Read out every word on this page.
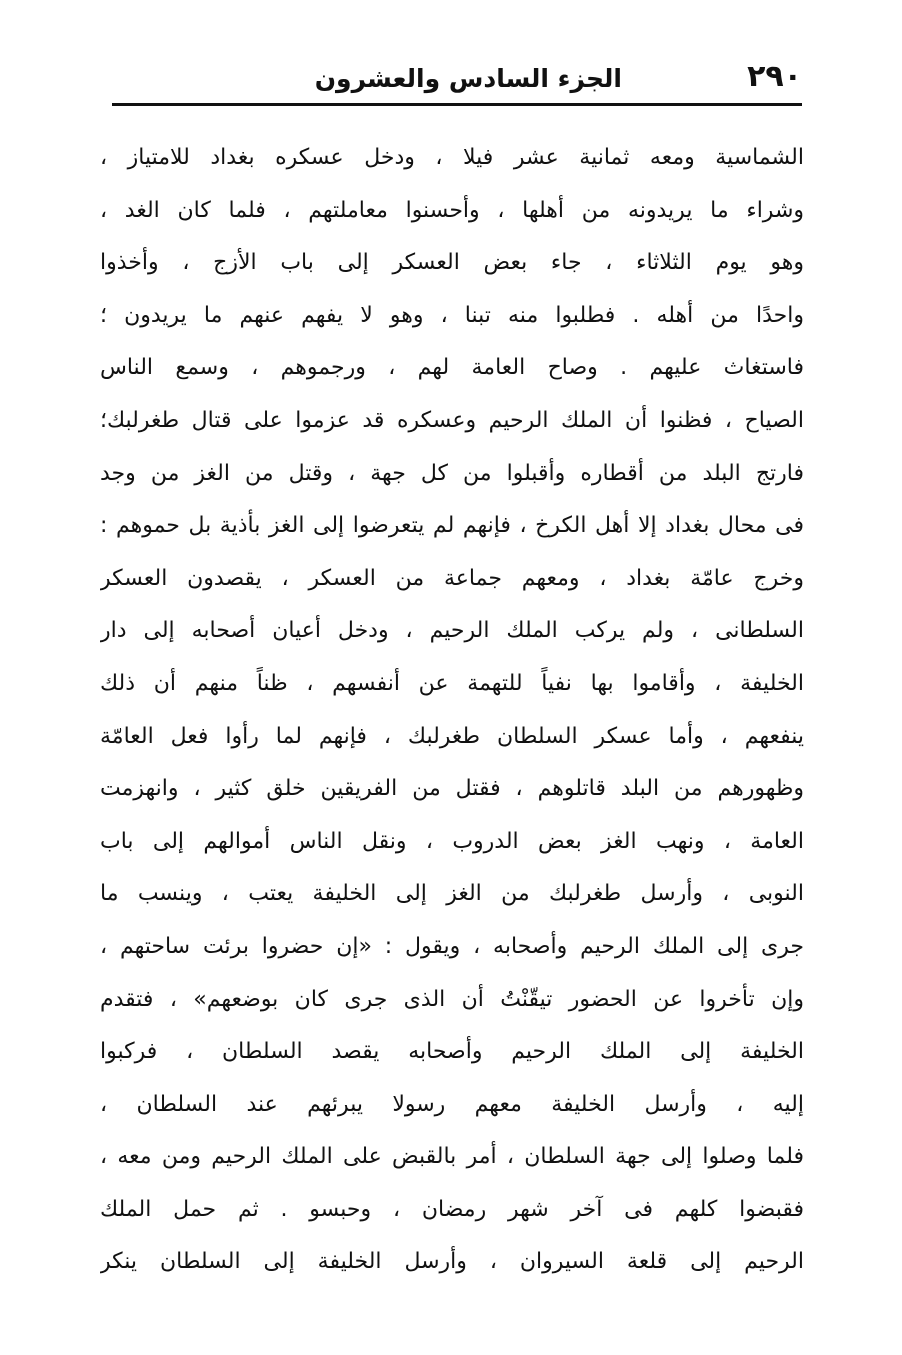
٢٩٠
الجزء السادس والعشرون
الشماسية ومعه ثمانية عشر فيلا ، ودخل عسكره بغداد للامتياز ،
وشراء ما يريدونه من أهلها ، وأحسنوا معاملتهم ، فلما كان الغد ،
وهو يوم الثلاثاء ، جاء بعض العسكر إلى باب الأزج ، وأخذوا
واحدًا من أهله . فطلبوا منه تبنا ، وهو لا يفهم عنهم ما يريدون ؛
فاستغاث عليهم . وصاح العامة لهم ، ورجموهم ، وسمع الناس
الصياح ، فظنوا أن الملك الرحيم وعسكره قد عزموا على قتال طغرلبك؛
فارتج البلد من أقطاره وأقبلوا من كل جهة ، وقتل من الغز من وجد
فى محال بغداد إلا أهل الكرخ ، فإنهم لم يتعرضوا إلى الغز بأذية بل حموهم :
وخرج عامّة بغداد ، ومعهم جماعة من العسكر ، يقصدون العسكر
السلطانى ، ولم يركب الملك الرحيم ، ودخل أعيان أصحابه إلى دار
الخليفة ، وأقاموا بها نفياً للتهمة عن أنفسهم ، ظناً منهم أن ذلك
ينفعهم ، وأما عسكر السلطان طغرلبك ، فإنهم لما رأوا فعل العامّة
وظهورهم من البلد قاتلوهم ، فقتل من الفريقين خلق كثير ، وانهزمت
العامة ، ونهب الغز بعض الدروب ، ونقل الناس أموالهم إلى باب
النوبى ، وأرسل طغرلبك من الغز إلى الخليفة يعتب ، وينسب ما
جرى إلى الملك الرحيم وأصحابه ، ويقول : «إن حضروا برئت ساحتهم ،
وإن تأخروا عن الحضور تيقّنْتُ أن الذى جرى كان بوضعهم» ، فتقدم
الخليفة إلى الملك الرحيم وأصحابه يقصد السلطان ، فركبوا
إليه ، وأرسل الخليفة معهم رسولا يبرئهم عند السلطان ،
فلما وصلوا إلى جهة السلطان ، أمر بالقبض على الملك الرحيم ومن معه ،
فقبضوا كلهم فى آخر شهر رمضان ، وحبسو . ثم حمل الملك
الرحيم إلى قلعة السيروان ، وأرسل الخليفة إلى السلطان ينكر
